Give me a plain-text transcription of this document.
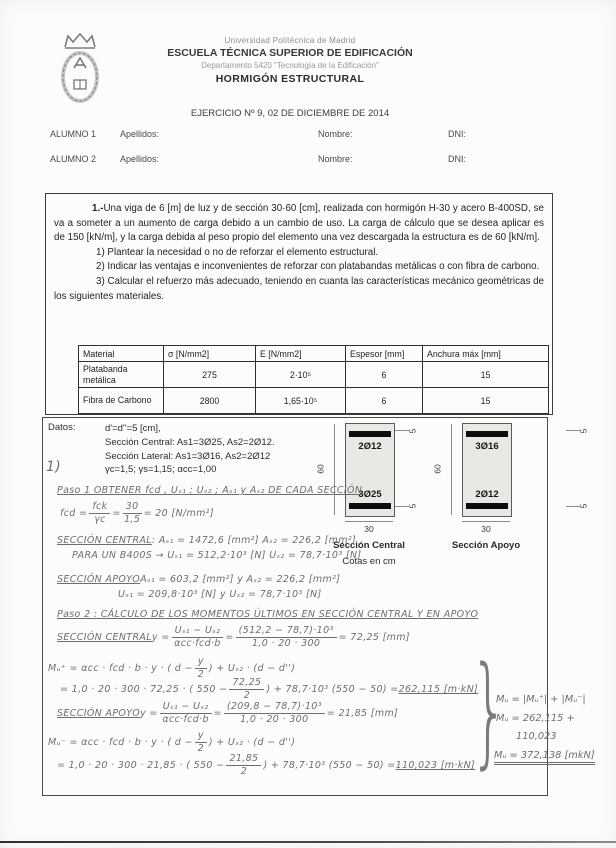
Universidad Politécnica de Madrid
ESCUELA TÉCNICA SUPERIOR DE EDIFICACIÓN
Departamento 5420 "Tecnología de la Edificación"
HORMIGÓN ESTRUCTURAL
EJERCICIO Nº 9, 02 DE DICIEMBRE DE 2014
ALUMNO 1	Apellidos:	Nombre:	DNI:
ALUMNO 2	Apellidos:	Nombre:	DNI:

1.-Una viga de 6 [m] de luz y de sección 30·60 [cm], realizada con hormigón H-30 y acero B-400SD, se va a someter a un aumento de carga debido a un cambio de uso. La carga de cálculo que se desea aplicar es de 150 [kN/m], y la carga debida al peso propio del elemento una vez descargada la estructura es de 60 [kN/m].

1) Plantear la necesidad o no de reforzar el elemento estructural.
2) Indicar las ventajas e inconvenientes de reforzar con platabandas metálicas o con fibra de carbono.
3) Calcular el refuerzo más adecuado, teniendo en cuanta las características mecánico geométricas de los siguientes materiales.
Material	σ [N/mm2]	E [N/mm2]	Espesor [mm]	Anchura máx [mm]
Platabanda metálica	275	2·10⁵	6	15
Fibra de Carbono	2800	1,65·10⁵	6	15
Datos:	d'=d''=5 [cm],
Sección Central: As1=3Ø25, As2=2Ø12.
Sección Lateral: As1=3Ø16, As2=2Ø12
γc=1,5; γs=1,15; αcc=1,00
2Ø12
3Ø25
60
30
5
5
Sección Central
Cotas en cm
3Ø16
2Ø12
60
30
5
5
Sección Apoyo
1)
Paso 1 OBTENER fcd , Uₛ₁ ; Uₛ₂ ; Aₛ₁ y Aₛ₂ DE CADA SECCIÓN
fcd = $\frac{\text{fck}}{\gamma c} = \frac{30}{1,5} = 20$ [N/mm²]
SECCIÓN CENTRAL : Aₛ₁ = 1472,6 [mm²] Aₛ₂ = 226,2 [mm²]
PARA UN B400S → Uₛ₁ = 512,2·10³ [N] Uₛ₂ = 78,7·10³ [N]
SECCIÓN APOYO Aₛ₁ = 603,2 [mm²] y Aₛ₂ = 226,2 [mm²]
Uₛ₁ = 209,8·10³ [N] y Uₛ₂ = 78,7·10³ [N]
Paso 2 : CÁLCULO DE LOS MOMENTOS ÚLTIMOS EN SECCIÓN CENTRAL Y EN APOYO
SECCIÓN CENTRAL $y = \frac{\text{Uₛ₁ − Uₛ₂}}{\text{αcc·fcd·b}} = \frac{\text{(512,2 − 78,7)·10³}}{1,0 \cdot 20 \cdot 300} = 72,25$ [mm]
Mᵤ⁺ = αcc · fcd · b · y · ( $d - \frac{y}{2}$ ) + Uₛ₂ · (d − d'')
= 1,0 · 20 · 300 · 72,25 · ( $550 - \frac{72,25}{2}$ ) + 78,7·10³ (550 − 50) = 262,115 [m·kN]
SECCIÓN APOYO $y = \frac{\text{Uₛ₁ − Uₛ₂}}{\text{αcc·fcd·b}} = \frac{\text{(209,8 − 78,7)·10³}}{1,0 \cdot 20 \cdot 300} = 21,85$ [mm]
Mᵤ⁻ = αcc · fcd · b · y · ( $d - \frac{y}{2}$ ) + Uₛ₂ · (d − d'')
= 1,0 · 20 · 300 · 21,85 · ( $550 - \frac{21,85}{2}$ ) + 78,7·10³ (550 − 50) = 110,023 [m·kN]
}
Mᵤ = |Mᵤ⁺| + |Mᵤ⁻|
Mᵤ = 262,115 +
110,023
Mᵤ = 372,138 [mkN]
